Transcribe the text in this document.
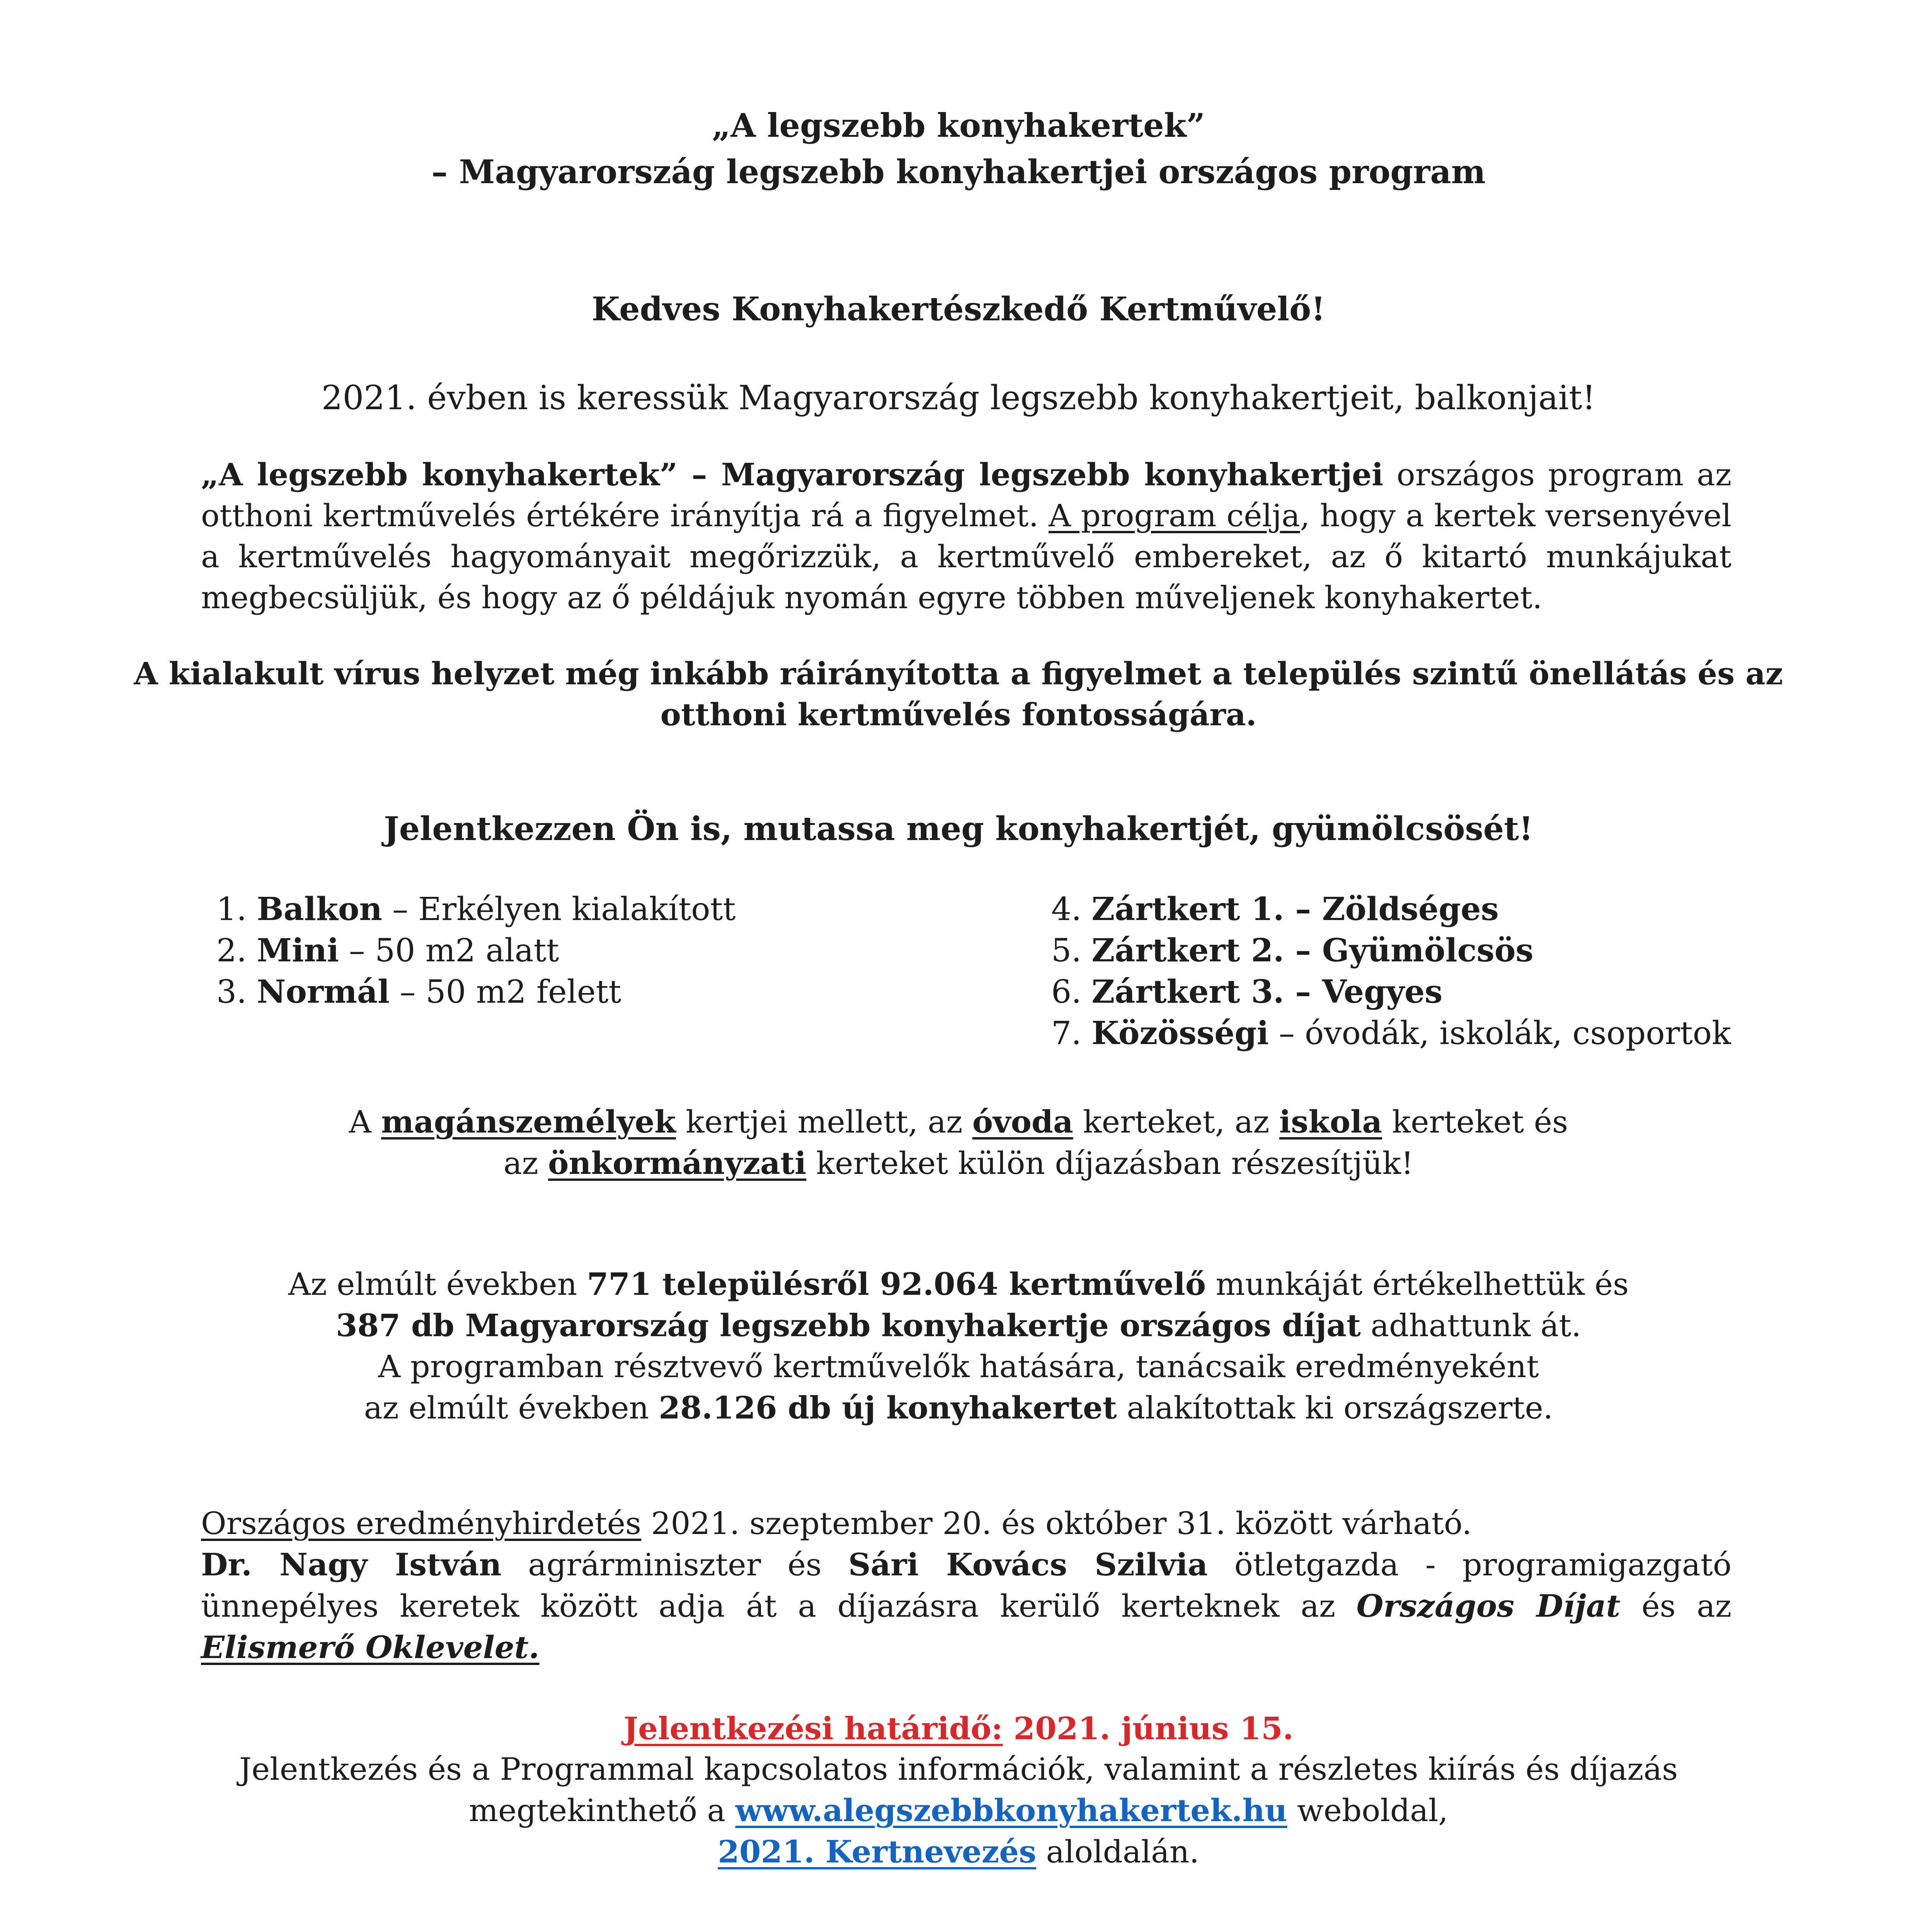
„A legszebb konyhakertek”
– Magyarország legszebb konyhakertjei országos program
Kedves Konyhakertészkedő Kertművelő!
2021. évben is keressük Magyarország legszebb konyhakertjeit, balkonjait!
„A legszebb konyhakertek” – Magyarország legszebb konyhakertjei országos program az otthoni kertművelés értékére irányítja rá a figyelmet. A program célja, hogy a kertek versenyével a kertművelés hagyományait megőrizzük, a kertművelő embereket, az ő kitartó munkájukat megbecsüljük, és hogy az ő példájuk nyomán egyre többen műveljenek konyhakertet.
A kialakult vírus helyzet még inkább ráirányította a figyelmet a település szintű önellátás és az
otthoni kertművelés fontosságára.
Jelentkezzen Ön is, mutassa meg konyhakertjét, gyümölcsösét!
1. Balkon – Erkélyen kialakított
2. Mini – 50 m2 alatt
3. Normál – 50 m2 felett
4. Zártkert 1. – Zöldséges
5. Zártkert 2. – Gyümölcsös
6. Zártkert 3. – Vegyes
7. Közösségi – óvodák, iskolák, csoportok
A magánszemélyek kertjei mellett, az óvoda kerteket, az iskola kerteket és
az önkormányzati kerteket külön díjazásban részesítjük!
Az elmúlt években 771 településről 92.064 kertművelő munkáját értékelhettük és
387 db Magyarország legszebb konyhakertje országos díjat adhattunk át.
A programban résztvevő kertművelők hatására, tanácsaik eredményeként
az elmúlt években 28.126 db új konyhakertet alakítottak ki országszerte.
Országos eredményhirdetés 2021. szeptember 20. és október 31. között várható.
Dr. Nagy István agrárminiszter és Sári Kovács Szilvia ötletgazda - programigazgató ünnepélyes keretek között adja át a díjazásra kerülő kerteknek az Országos Díjat és az Elismerő Oklevelet.
Jelentkezési határidő: 2021. június 15.
Jelentkezés és a Programmal kapcsolatos információk, valamint a részletes kiírás és díjazás
megtekinthető a www.alegszebbkonyhakertek.hu weboldal,
2021. Kertnevezés aloldalán.
